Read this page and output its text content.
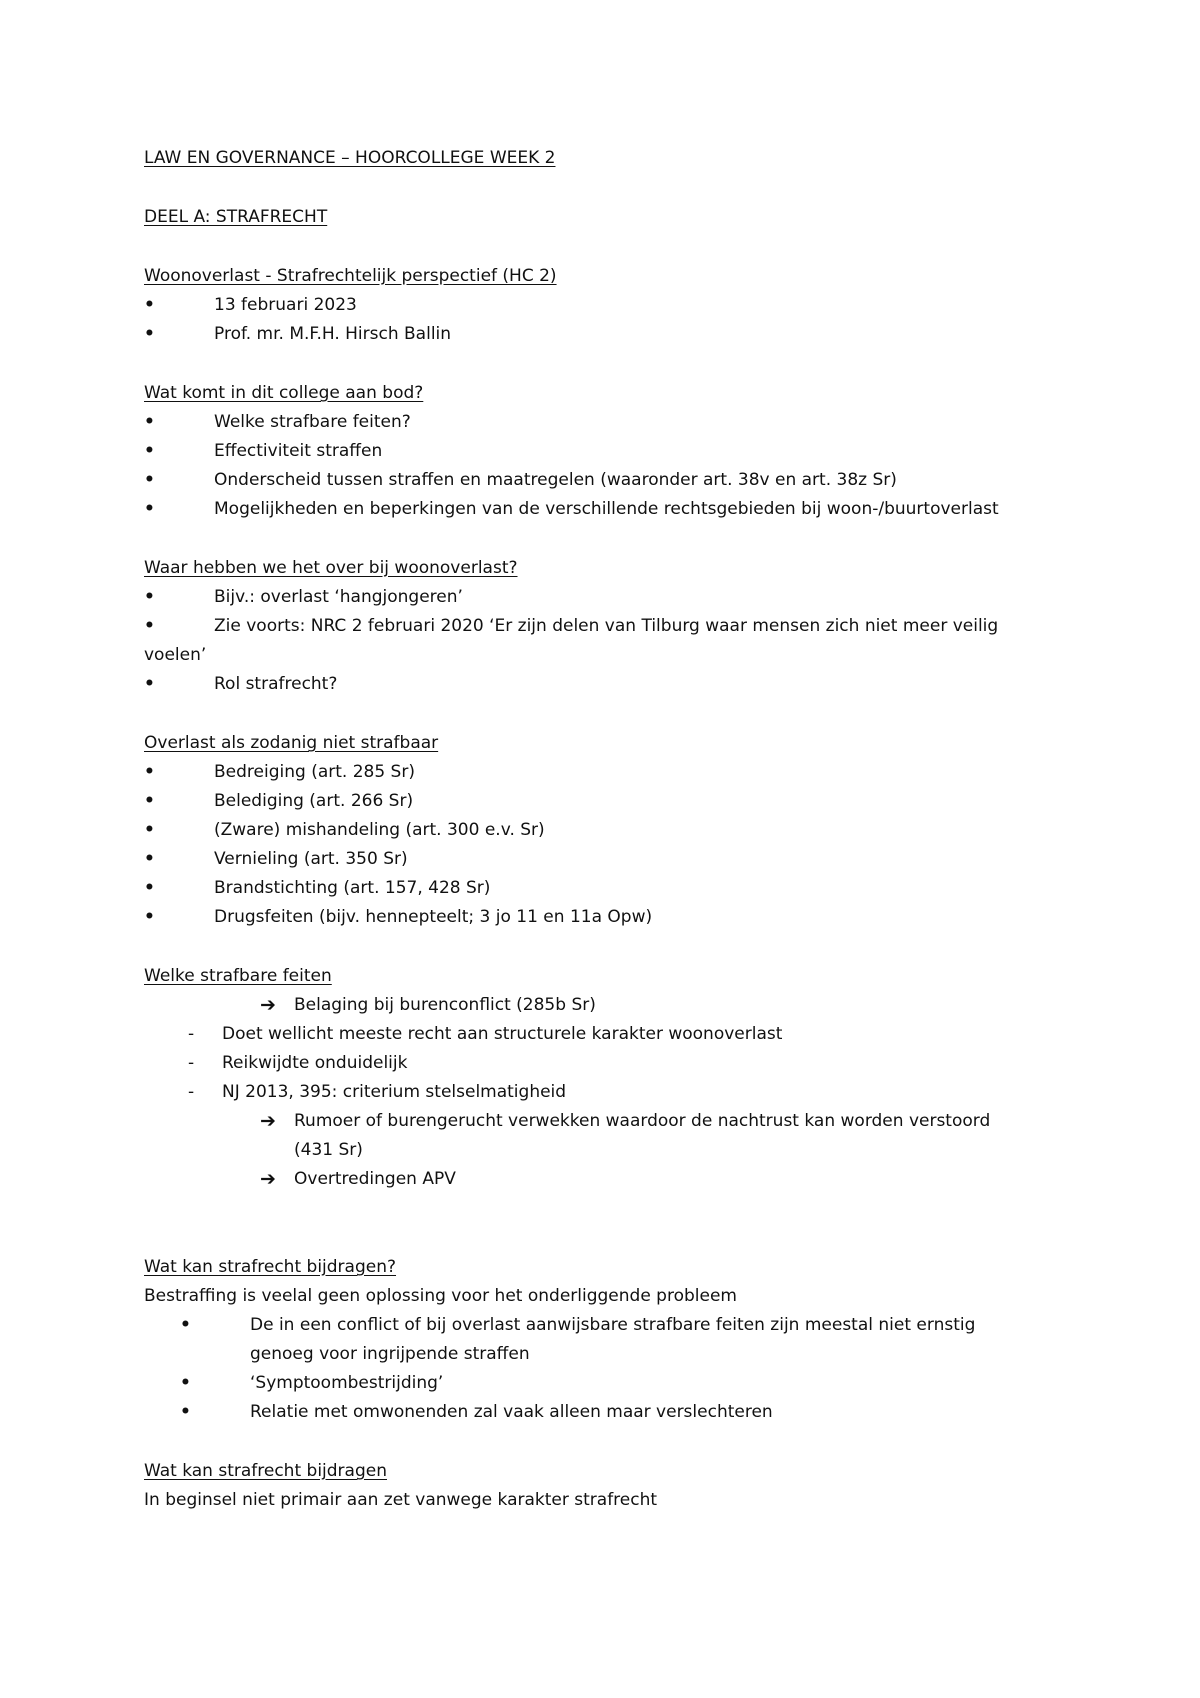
LAW EN GOVERNANCE – HOORCOLLEGE WEEK 2
DEEL A: STRAFRECHT
Woonoverlast - Strafrechtelijk perspectief (HC 2)
• 13 februari 2023
• Prof. mr. M.F.H. Hirsch Ballin
Wat komt in dit college aan bod?
• Welke strafbare feiten?
• Effectiviteit straffen
• Onderscheid tussen straffen en maatregelen (waaronder art. 38v en art. 38z Sr)
• Mogelijkheden en beperkingen van de verschillende rechtsgebieden bij woon-/buurtoverlast
Waar hebben we het over bij woonoverlast?
• Bijv.: overlast ‘hangjongeren’
• Zie voorts: NRC 2 februari 2020 ‘Er zijn delen van Tilburg waar mensen zich niet meer veilig
voelen’
• Rol strafrecht?
Overlast als zodanig niet strafbaar
• Bedreiging (art. 285 Sr)
• Belediging (art. 266 Sr)
• (Zware) mishandeling (art. 300 e.v. Sr)
• Vernieling (art. 350 Sr)
• Brandstichting (art. 157, 428 Sr)
• Drugsfeiten (bijv. hennepteelt; 3 jo 11 en 11a Opw)
Welke strafbare feiten
➔ Belaging bij burenconflict (285b Sr)
- Doet wellicht meeste recht aan structurele karakter woonoverlast
- Reikwijdte onduidelijk
- NJ 2013, 395: criterium stelselmatigheid
➔ Rumoer of burengerucht verwekken waardoor de nachtrust kan worden verstoord
(431 Sr)
➔ Overtredingen APV
Wat kan strafrecht bijdragen?
Bestraffing is veelal geen oplossing voor het onderliggende probleem
• De in een conflict of bij overlast aanwijsbare strafbare feiten zijn meestal niet ernstig
genoeg voor ingrijpende straffen
• ‘Symptoombestrijding’
• Relatie met omwonenden zal vaak alleen maar verslechteren
Wat kan strafrecht bijdragen
In beginsel niet primair aan zet vanwege karakter strafrecht
